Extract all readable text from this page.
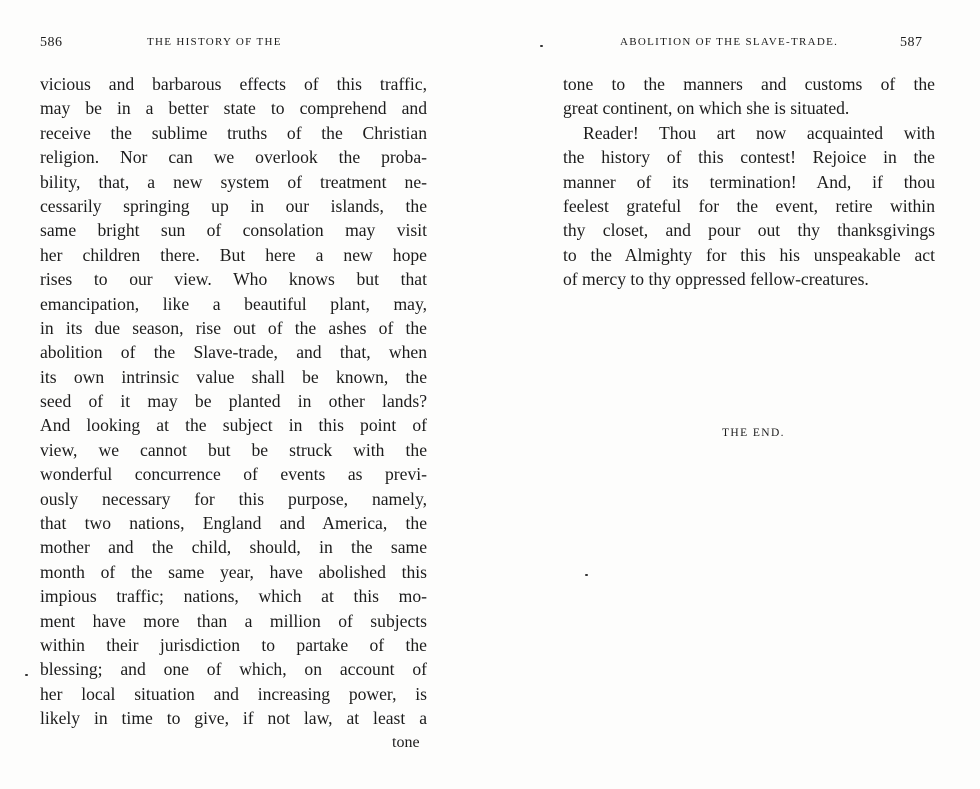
586	THE HISTORY OF THE
vicious and barbarous effects of this traffic,
may be in a better state to comprehend and
receive the sublime truths of the Christian
religion. Nor can we overlook the proba-
bility, that, a new system of treatment ne-
cessarily springing up in our islands, the
same bright sun of consolation may visit
her children there. But here a new hope
rises to our view. Who knows but that
emancipation, like a beautiful plant, may,
in its due season, rise out of the ashes of the
abolition of the Slave-trade, and that, when
its own intrinsic value shall be known, the
seed of it may be planted in other lands?
And looking at the subject in this point of
view, we cannot but be struck with the
wonderful concurrence of events as previ-
ously necessary for this purpose, namely,
that two nations, England and America, the
mother and the child, should, in the same
month of the same year, have abolished this
impious traffic; nations, which at this mo-
ment have more than a million of subjects
within their jurisdiction to partake of the
blessing; and one of which, on account of
her local situation and increasing power, is
likely in time to give, if not law, at least a
tone
ABOLITION OF THE SLAVE-TRADE.	587
tone to the manners and customs of the
great continent, on which she is situated.
Reader! Thou art now acquainted with
the history of this contest! Rejoice in the
manner of its termination! And, if thou
feelest grateful for the event, retire within
thy closet, and pour out thy thanksgivings
to the Almighty for this his unspeakable act
of mercy to thy oppressed fellow-creatures.
THE END.
